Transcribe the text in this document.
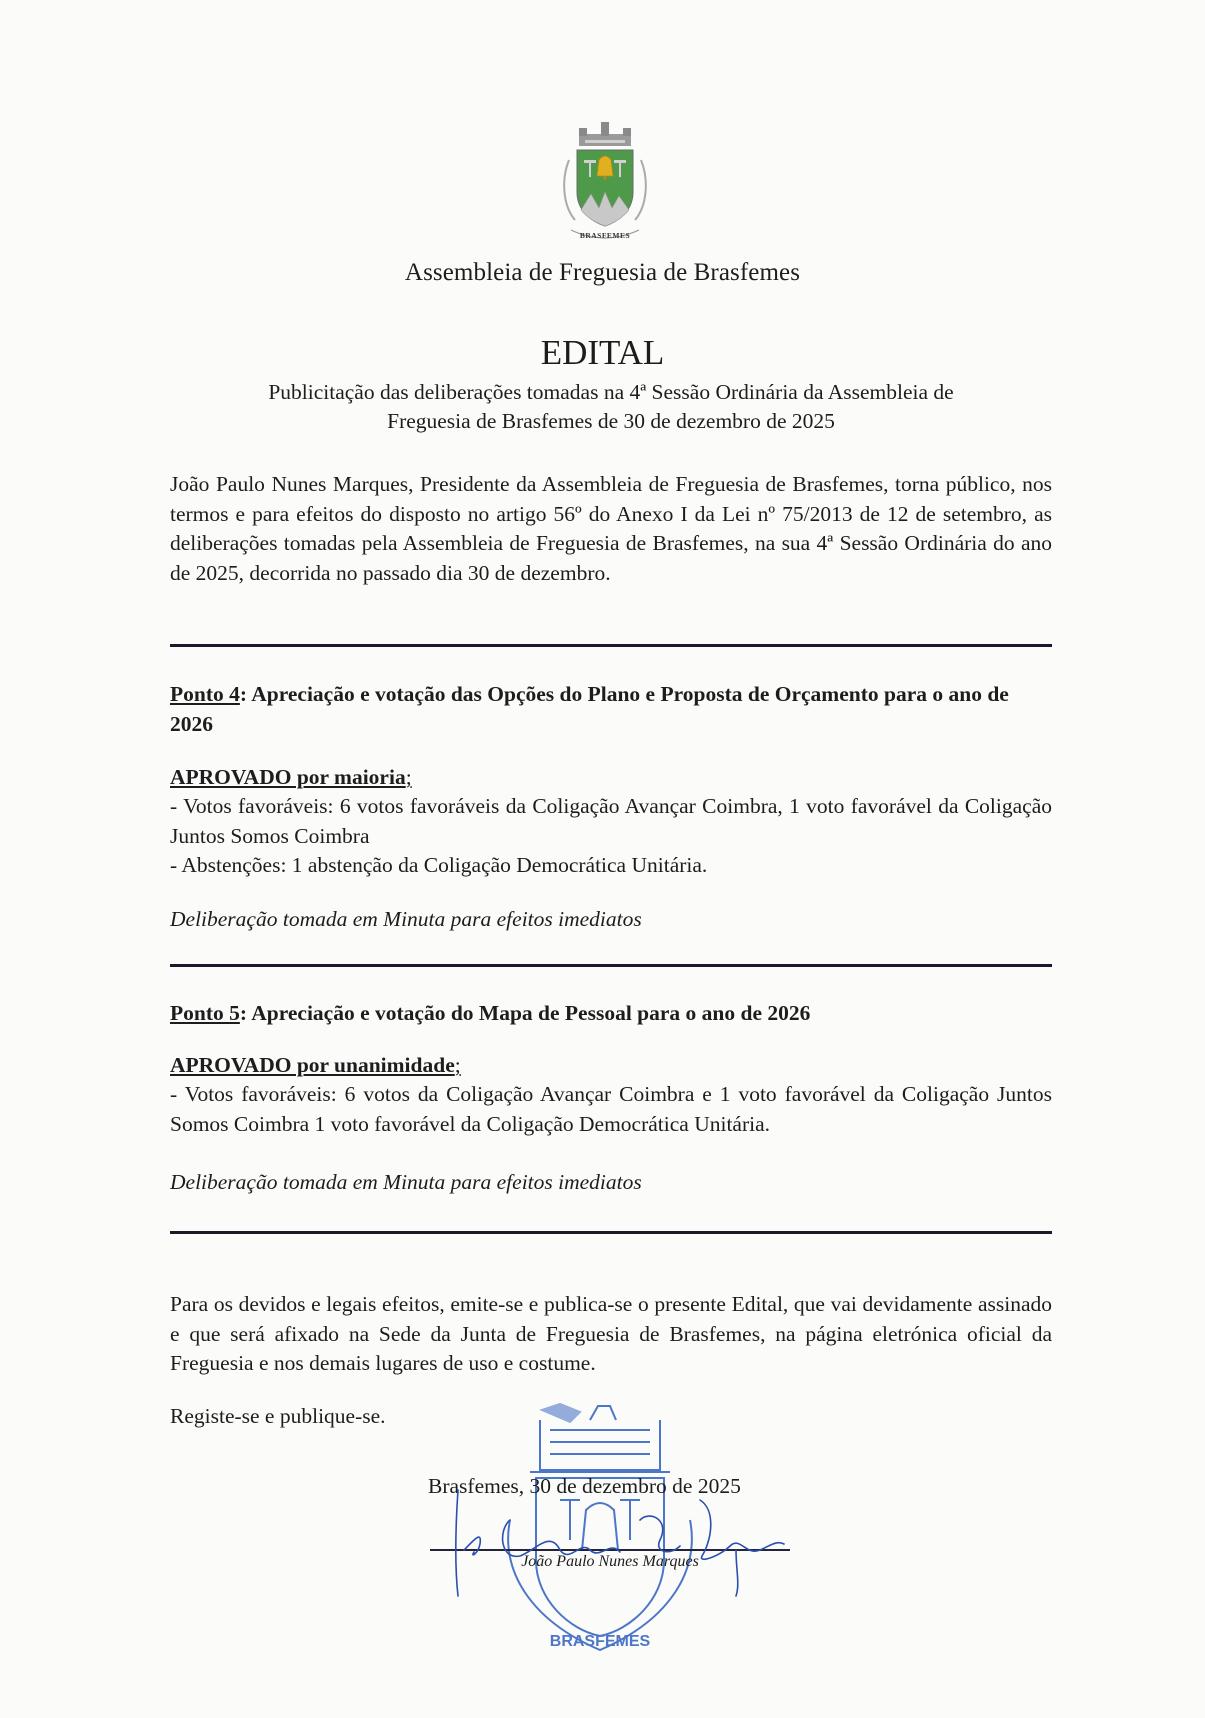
BRASFEMES
Assembleia de Freguesia de Brasfemes
EDITAL
Publicitação das deliberações tomadas na 4ª Sessão Ordinária da Assembleia de
Freguesia de Brasfemes de 30 de dezembro de 2025
João Paulo Nunes Marques, Presidente da Assembleia de Freguesia de Brasfemes, torna público, nos termos e para efeitos do disposto no artigo 56º do Anexo I da Lei nº 75/2013 de 12 de setembro, as deliberações tomadas pela Assembleia de Freguesia de Brasfemes, na sua 4ª Sessão Ordinária do ano de 2025, decorrida no passado dia 30 de dezembro.
Ponto 4: Apreciação e votação das Opções do Plano e Proposta de Orçamento para o ano de 2026
APROVADO por maioria;
- Votos favoráveis: 6 votos favoráveis da Coligação Avançar Coimbra, 1 voto favorável da Coligação Juntos Somos Coimbra
- Abstenções: 1 abstenção da Coligação Democrática Unitária.
Deliberação tomada em Minuta para efeitos imediatos
Ponto 5: Apreciação e votação do Mapa de Pessoal para o ano de 2026
APROVADO por unanimidade;
- Votos favoráveis: 6 votos da Coligação Avançar Coimbra e 1 voto favorável da Coligação Juntos Somos Coimbra 1 voto favorável da Coligação Democrática Unitária.
Deliberação tomada em Minuta para efeitos imediatos
Para os devidos e legais efeitos, emite-se e publica-se o presente Edital, que vai devidamente assinado e que será afixado na Sede da Junta de Freguesia de Brasfemes, na página eletrónica oficial da Freguesia e nos demais lugares de uso e costume.
Registe-se e publique-se.
BRASFEMES
Brasfemes, 30 de dezembro de 2025
João Paulo Nunes Marques
